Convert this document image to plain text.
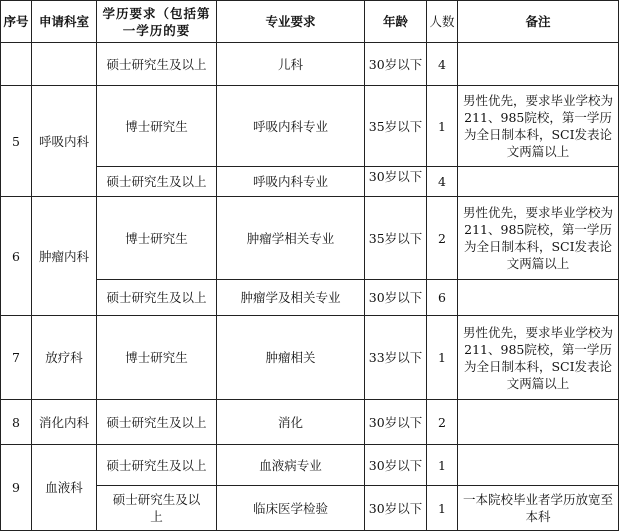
序号	申请科室	学历要求（包括第一学历的要	专业要求	年龄	人数	备注
		硕士研究生及以上	儿科	30岁以下	4	
5	呼吸内科	博士研究生	呼吸内科专业	35岁以下	1	男性优先，要求毕业学校为211、985院校，第一学历为全日制本科，SCI发表论文两篇以上
		硕士研究生及以上	呼吸内科专业	30岁以下	4	
6	肿瘤内科	博士研究生	肿瘤学相关专业	35岁以下	2	男性优先，要求毕业学校为211、985院校，第一学历为全日制本科，SCI发表论文两篇以上
		硕士研究生及以上	肿瘤学及相关专业	30岁以下	6	
7	放疗科	博士研究生	肿瘤相关	33岁以下	1	男性优先，要求毕业学校为211、985院校，第一学历为全日制本科，SCI发表论文两篇以上
8	消化内科	硕士研究生及以上	消化	30岁以下	2	
9	血液科	硕士研究生及以上	血液病专业	30岁以下	1	
		硕士研究生及以上	临床医学检验	30岁以下	1	一本院校毕业者学历放宽至本科
